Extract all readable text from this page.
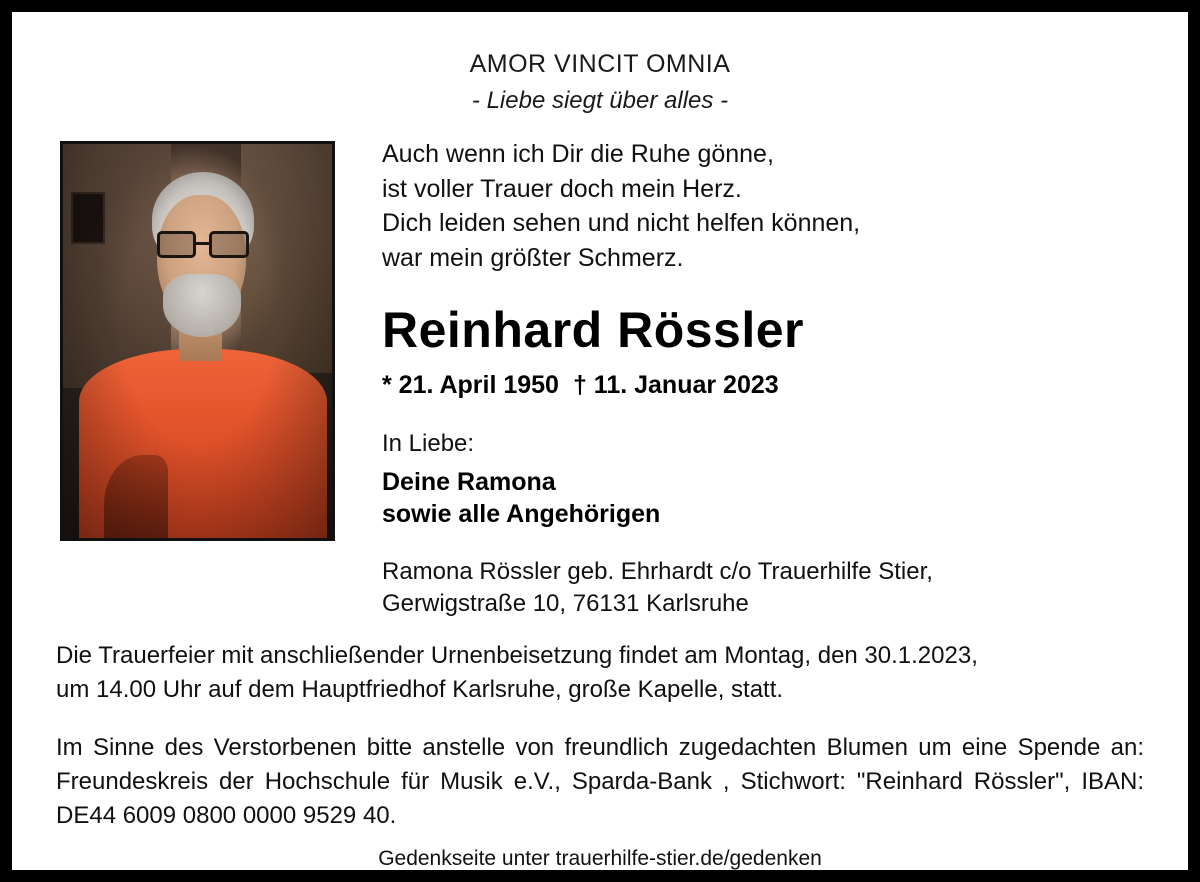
AMOR VINCIT OMNIA
- Liebe siegt über alles -
Auch wenn ich Dir die Ruhe gönne,
ist voller Trauer doch mein Herz.
Dich leiden sehen und nicht helfen können,
war mein größter Schmerz.
Reinhard Rössler
* 21. April 1950 † 11. Januar 2023
In Liebe:
Deine Ramona
sowie alle Angehörigen
Ramona Rössler geb. Ehrhardt c/o Trauerhilfe Stier,
Gerwigstraße 10, 76131 Karlsruhe
Die Trauerfeier mit anschließender Urnenbeisetzung findet am Montag, den 30.1.2023,
um 14.00 Uhr auf dem Hauptfriedhof Karlsruhe, große Kapelle, statt.
Im Sinne des Verstorbenen bitte anstelle von freundlich zugedachten Blumen um eine Spende an: Freundeskreis der Hochschule für Musik e.V., Sparda-Bank , Stichwort: "Reinhard Rössler", IBAN: DE44 6009 0800 0000 9529 40.
Gedenkseite unter trauerhilfe-stier.de/gedenken
